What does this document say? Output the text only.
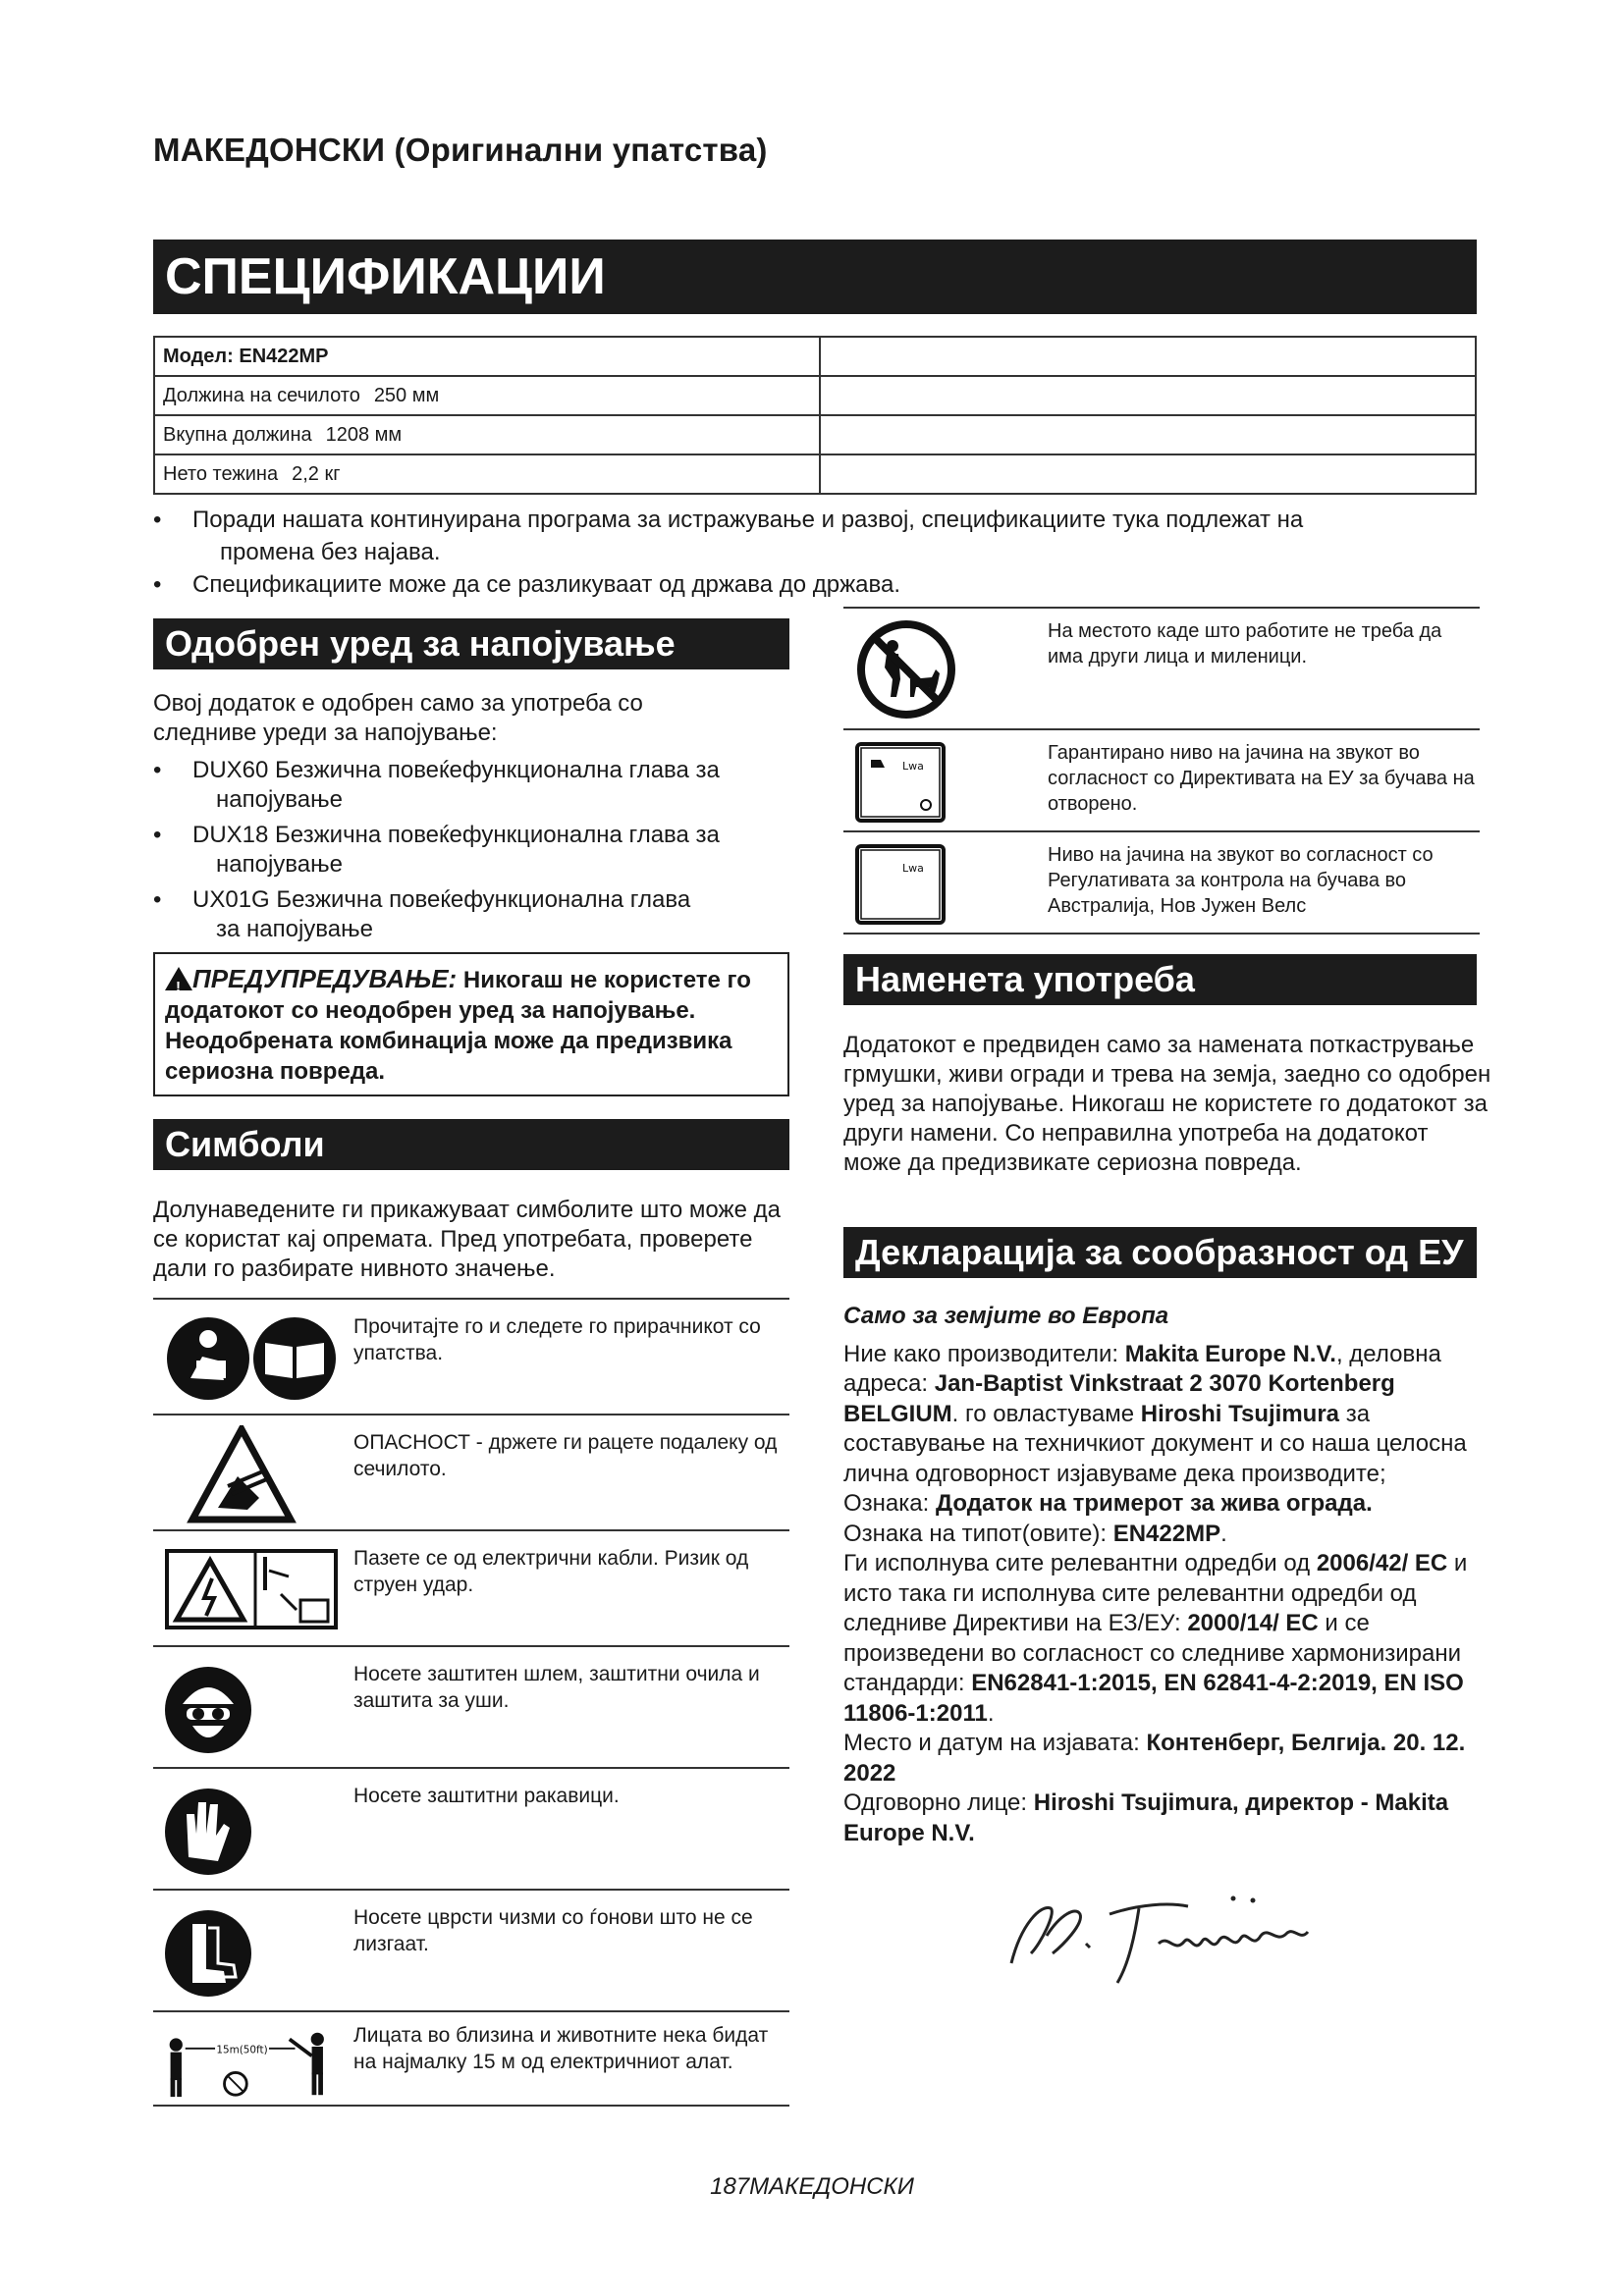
МАКЕДОНСКИ (Оригинални упатства)
СПЕЦИФИКАЦИИ
Модел: EN422MP	
Должина на сечилото 250 мм	
Вкупна должина 1208 мм	
Нето тежина 2,2 кг	
•	Поради нашата континуирана програма за истражување и развој, спецификациите тука подлежат на
промена без најава.
•	Спецификациите може да се разликуваат од држава до држава.
Одобрен уред за напојување
Овој додаток е одобрен само за употреба со следниве уреди за напојување:
•	DUX60 Безжична повеќефункционална глава за
напојување
•	DUX18 Безжична повеќефункционална глава за
напојување
•	UX01G Безжична повеќефункционална глава
за напојување
!ПРЕДУПРЕДУВАЊЕ: Никогаш не користете го додатокот со неодобрен уред за напојување. Неодобрената комбинација може да предизвика сериозна повреда.
Симболи
Долунаведените ги прикажуваат симболите што може да се користат кај опремата. Пред употребата, проверете дали го разбирате нивното значење.
Прочитајте го и следете го прирачникот со упатства.
ОПАСНОСТ - држете ги рацете подалеку од сечилото.
Пазете се од електрични кабли. Ризик од струен удар.
Носете заштитен шлем, заштитни очила и заштита за уши.
Носете заштитни ракавици.
Носете цврсти чизми со ѓонови што не се лизгаат.
15m(50ft)
Лицата во близина и животните нека бидат на најмалку 15 м од електричниот алат.
На местото каде што работите не треба да има други лица и миленици.
Lwa
Гарантирано ниво на јачина на звукот во согласност со Директивата на ЕУ за бучава на отворено.
Lwa
Ниво на јачина на звукот во согласност со Регулативата за контрола на бучава во Австралија, Нов Јужен Велс
Наменета употреба
Додатокот е предвиден само за намената поткастрување грмушки, живи огради и трева на земја, заедно со одобрен уред за напојување. Никогаш не користете го додатокот за други намени. Со неправилна употреба на додатокот може да предизвикате сериозна повреда.
Декларација за сообразност од ЕУ
Само за земјите во Европа
Ние како производители: Makita Europe N.V., деловна адреса: Jan-Baptist Vinkstraat 2 3070 Kortenberg BELGIUM. го овластуваме Hiroshi Tsujimura за составување на техничкиот документ и со наша целосна лична одговорност изјавуваме дека производите;
Ознака: Додаток на тримерот за жива ограда.
Ознака на типот(овите): EN422MP.
Ги исполнува сите релевантни одредби од 2006/42/ EC и исто така ги исполнува сите релевантни одредби од следниве Директиви на ЕЗ/ЕУ: 2000/14/ EC и се произведени во согласност со следниве хармонизирани стандарди: EN62841-1:2015, EN 62841-4-2:2019, EN ISO 11806-1:2011.
Место и датум на изјавата: Контенберг, Белгија. 20. 12. 2022
Одговорно лице: Hiroshi Tsujimura, директор - Makita Europe N.V.
187МАКЕДОНСКИ
